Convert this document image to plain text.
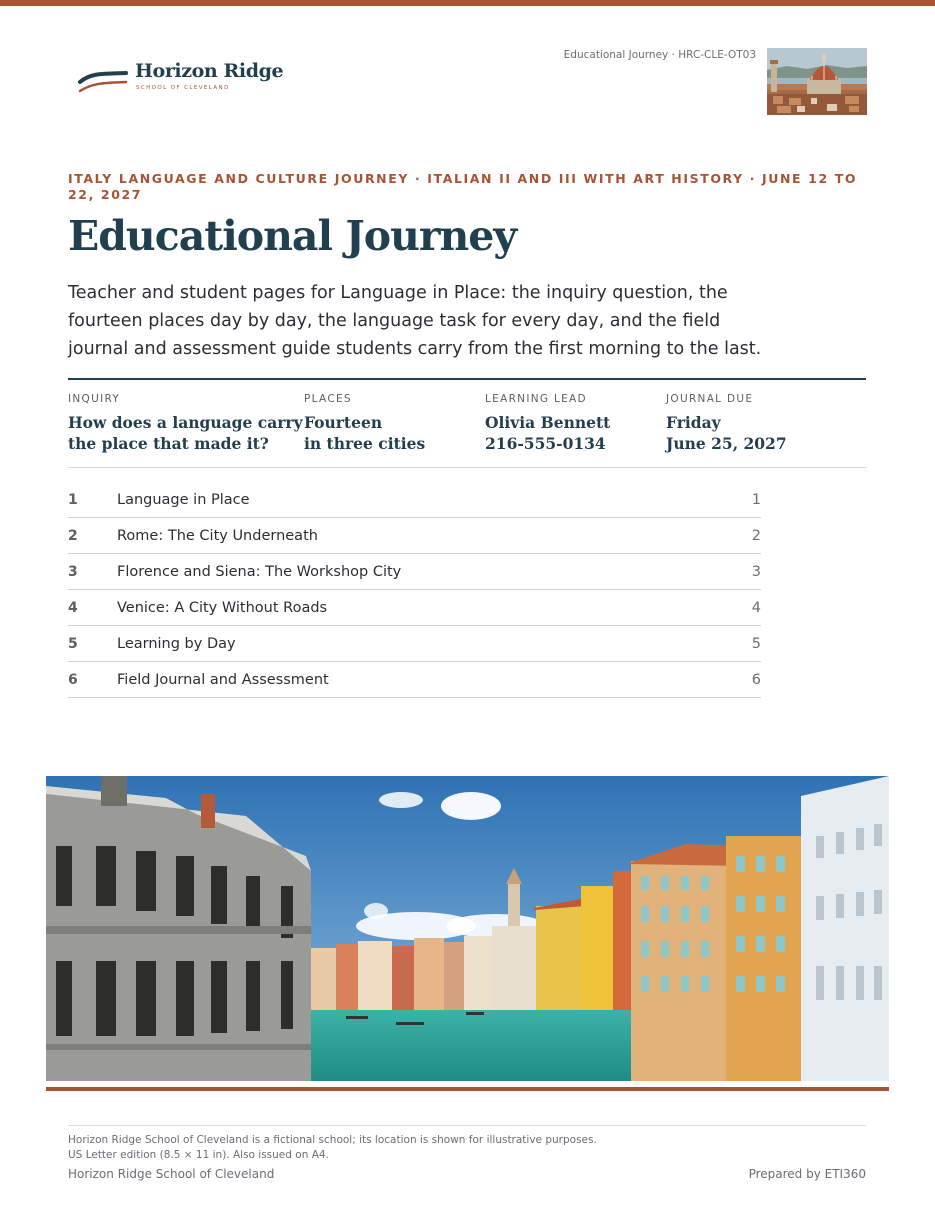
Horizon Ridge
SCHOOL OF CLEVELAND
Educational Journey · HRC-CLE-OT03
ITALY LANGUAGE AND CULTURE JOURNEY · ITALIAN II AND III WITH ART HISTORY · JUNE 12 TO 22, 2027
Educational Journey

Teacher and student pages for Language in Place: the inquiry question, the fourteen places day by day, the language task for every day, and the field journal and assessment guide students carry from the first morning to the last.

INQUIRY
How does a language carry
the place that made it?
PLACES
Fourteen
in three cities
LEARNING LEAD
Olivia Bennett
216-555-0134
JOURNAL DUE
Friday
June 25, 2027
1	Language in Place	1
2	Rome: The City Underneath	2
3	Florence and Siena: The Workshop City	3
4	Venice: A City Without Roads	4
5	Learning by Day	5
6	Field Journal and Assessment	6
Horizon Ridge School of Cleveland is a fictional school; its location is shown for illustrative purposes.
US Letter edition (8.5 × 11 in). Also issued on A4.
Horizon Ridge School of Cleveland	Prepared by ETI360
